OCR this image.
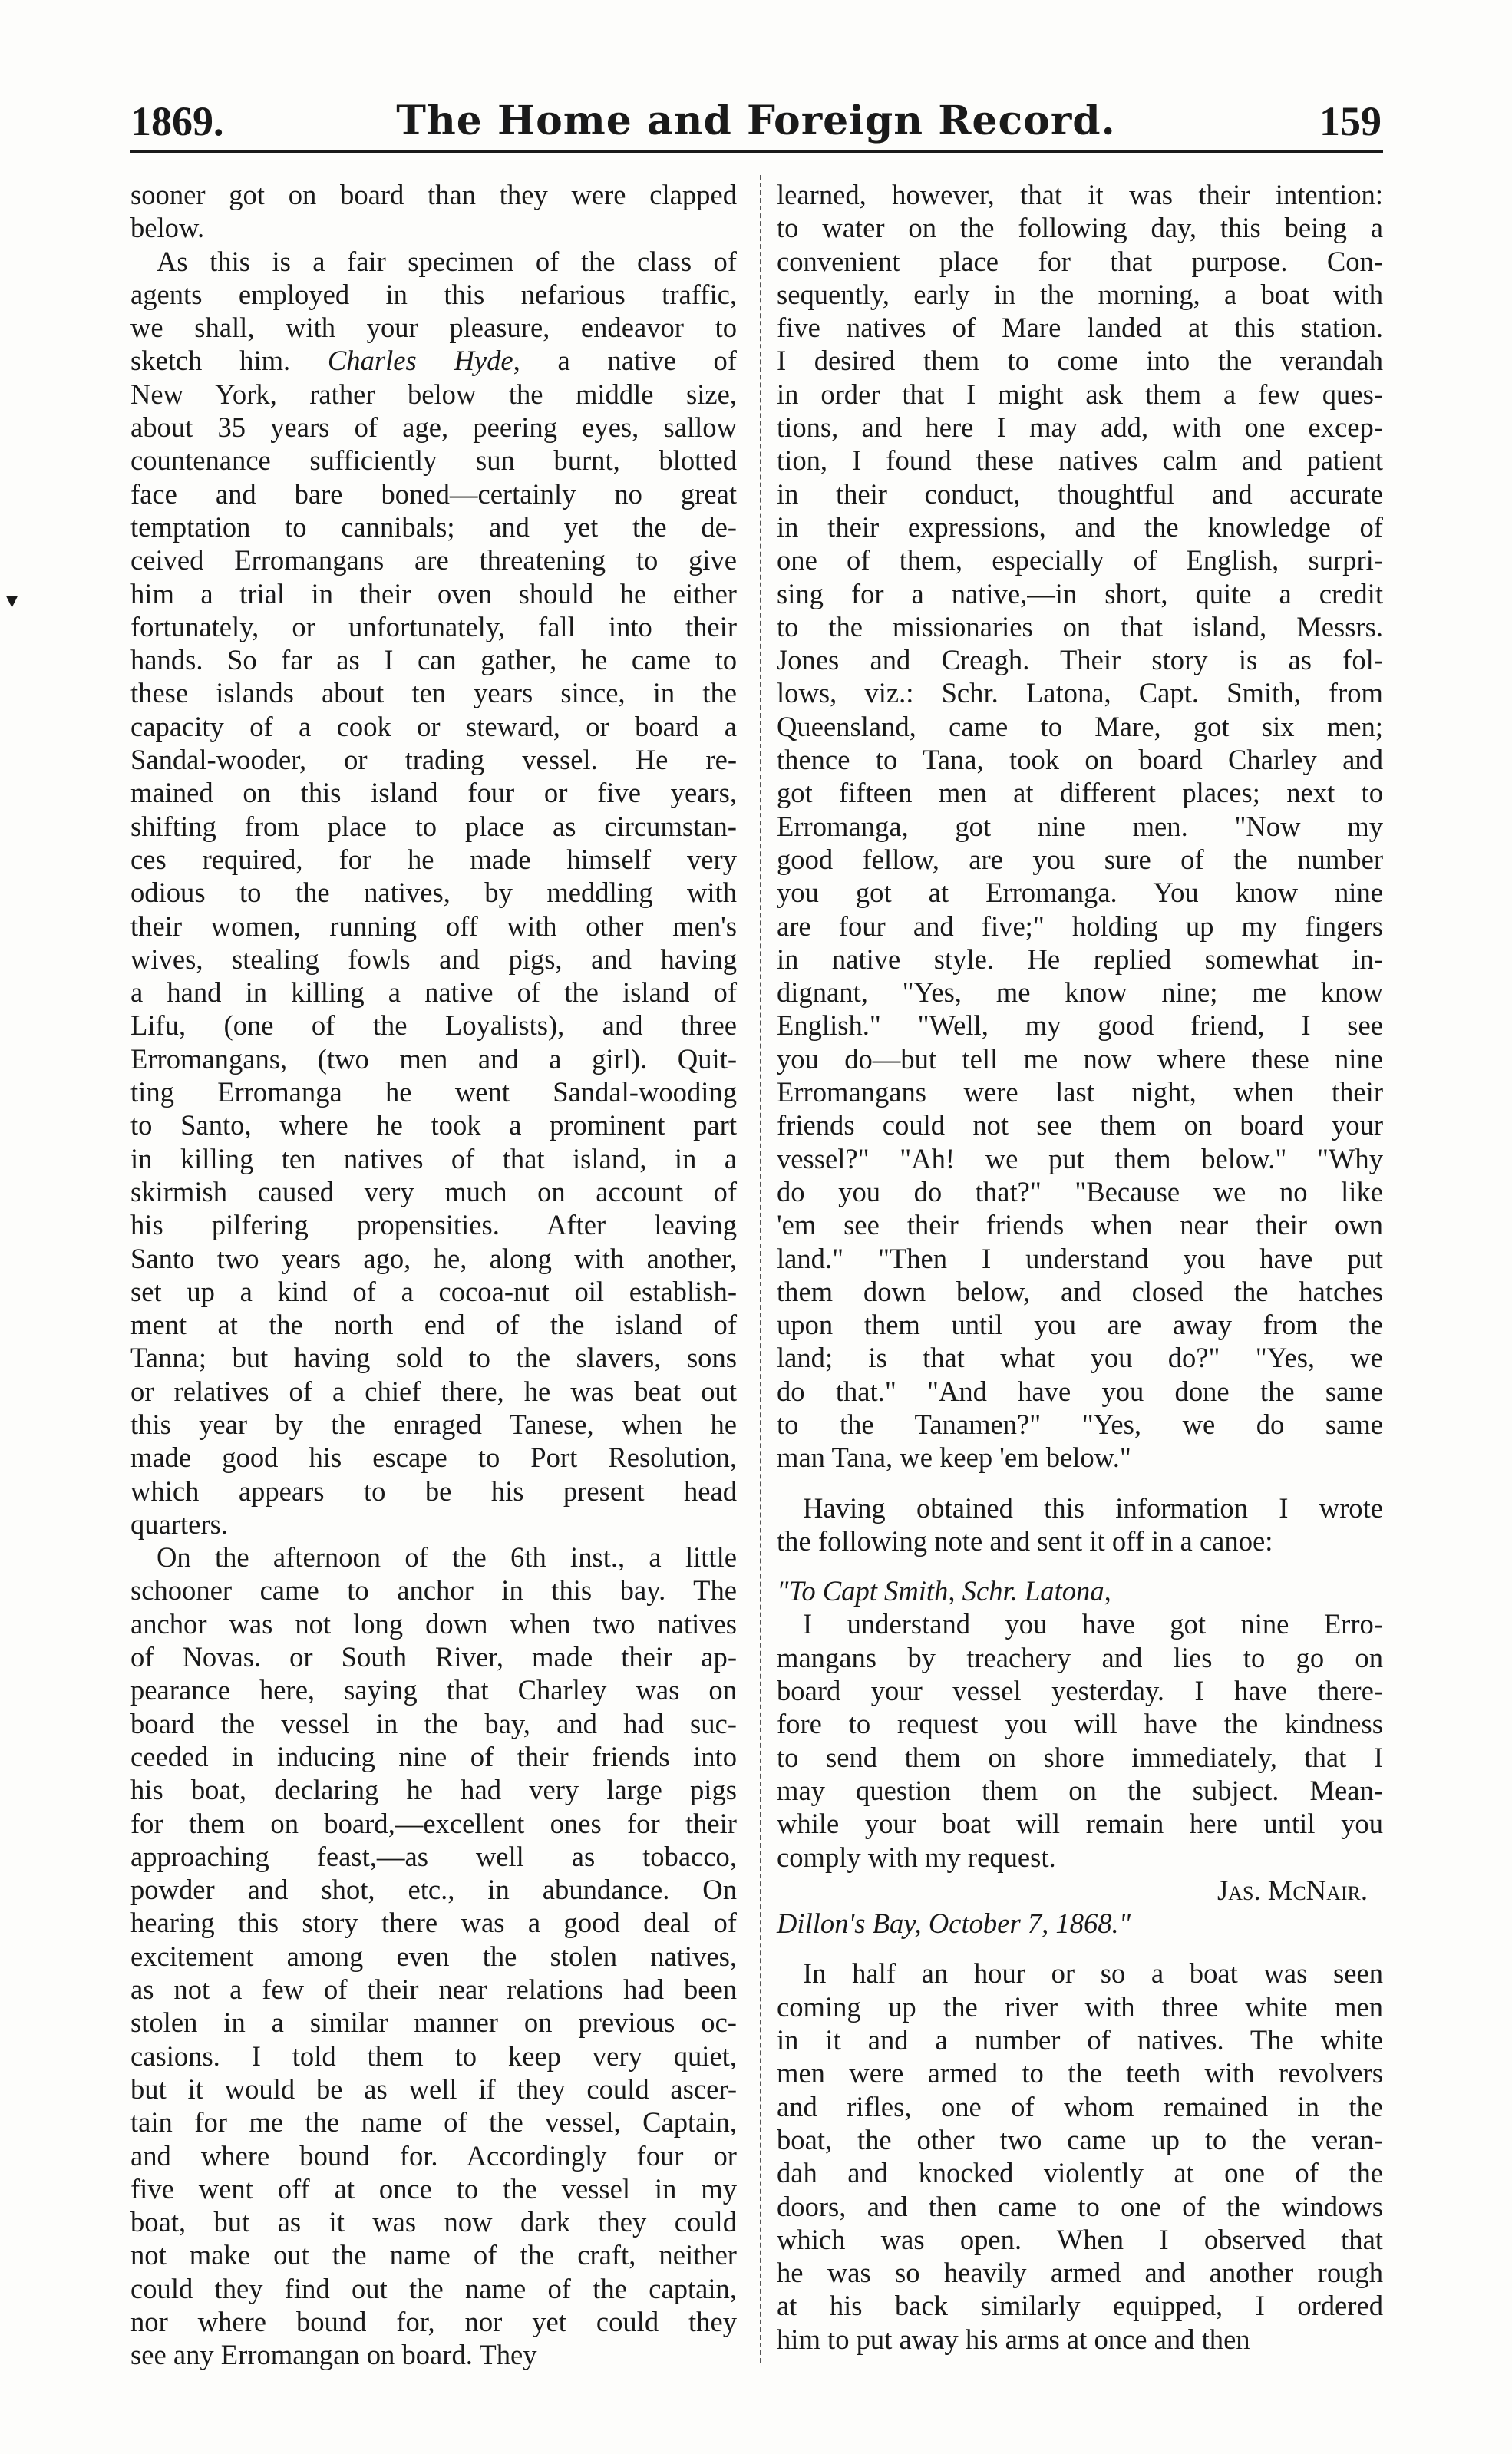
1869.	The Home and Foreign Record.	159
▾
sooner got on board than they were clapped
below.
As this is a fair specimen of the class of
agents employed in this nefarious traffic,
we shall, with your pleasure, endeavor to
sketch him. Charles Hyde, a native of
New York, rather below the middle size,
about 35 years of age, peering eyes, sallow
countenance sufficiently sun burnt, blotted
face and bare boned—certainly no great
temptation to cannibals; and yet the de-
ceived Erromangans are threatening to give
him a trial in their oven should he either
fortunately, or unfortunately, fall into their
hands. So far as I can gather, he came to
these islands about ten years since, in the
capacity of a cook or steward, or board a
Sandal-wooder, or trading vessel. He re-
mained on this island four or five years,
shifting from place to place as circumstan-
ces required, for he made himself very
odious to the natives, by meddling with
their women, running off with other men's
wives, stealing fowls and pigs, and having
a hand in killing a native of the island of
Lifu, (one of the Loyalists), and three
Erromangans, (two men and a girl). Quit-
ting Erromanga he went Sandal-wooding
to Santo, where he took a prominent part
in killing ten natives of that island, in a
skirmish caused very much on account of
his pilfering propensities. After leaving
Santo two years ago, he, along with another,
set up a kind of a cocoa-nut oil establish-
ment at the north end of the island of
Tanna; but having sold to the slavers, sons
or relatives of a chief there, he was beat out
this year by the enraged Tanese, when he
made good his escape to Port Resolution,
which appears to be his present head
quarters.
On the afternoon of the 6th inst., a little
schooner came to anchor in this bay. The
anchor was not long down when two natives
of Novas. or South River, made their ap-
pearance here, saying that Charley was on
board the vessel in the bay, and had suc-
ceeded in inducing nine of their friends into
his boat, declaring he had very large pigs
for them on board,—excellent ones for their
approaching feast,—as well as tobacco,
powder and shot, etc., in abundance. On
hearing this story there was a good deal of
excitement among even the stolen natives,
as not a few of their near relations had been
stolen in a similar manner on previous oc-
casions. I told them to keep very quiet,
but it would be as well if they could ascer-
tain for me the name of the vessel, Captain,
and where bound for. Accordingly four or
five went off at once to the vessel in my
boat, but as it was now dark they could
not make out the name of the craft, neither
could they find out the name of the captain,
nor where bound for, nor yet could they
see any Erromangan on board. They
learned, however, that it was their intention:
to water on the following day, this being a
convenient place for that purpose. Con-
sequently, early in the morning, a boat with
five natives of Mare landed at this station.
I desired them to come into the verandah
in order that I might ask them a few ques-
tions, and here I may add, with one excep-
tion, I found these natives calm and patient
in their conduct, thoughtful and accurate
in their expressions, and the knowledge of
one of them, especially of English, surpri-
sing for a native,—in short, quite a credit
to the missionaries on that island, Messrs.
Jones and Creagh. Their story is as fol-
lows, viz.: Schr. Latona, Capt. Smith, from
Queensland, came to Mare, got six men;
thence to Tana, took on board Charley and
got fifteen men at different places; next to
Erromanga, got nine men. "Now my
good fellow, are you sure of the number
you got at Erromanga. You know nine
are four and five;" holding up my fingers
in native style. He replied somewhat in-
dignant, "Yes, me know nine; me know
English." "Well, my good friend, I see
you do—but tell me now where these nine
Erromangans were last night, when their
friends could not see them on board your
vessel?" "Ah! we put them below." "Why
do you do that?" "Because we no like
'em see their friends when near their own
land." "Then I understand you have put
them down below, and closed the hatches
upon them until you are away from the
land; is that what you do?" "Yes, we
do that." "And have you done the same
to the Tanamen?" "Yes, we do same
man Tana, we keep 'em below."
Having obtained this information I wrote
the following note and sent it off in a canoe:
"To Capt Smith, Schr. Latona,
I understand you have got nine Erro-
mangans by treachery and lies to go on
board your vessel yesterday. I have there-
fore to request you will have the kindness
to send them on shore immediately, that I
may question them on the subject. Mean-
while your boat will remain here until you
comply with my request.
Jas. McNair.
Dillon's Bay, October 7, 1868."
In half an hour or so a boat was seen
coming up the river with three white men
in it and a number of natives. The white
men were armed to the teeth with revolvers
and rifles, one of whom remained in the
boat, the other two came up to the veran-
dah and knocked violently at one of the
doors, and then came to one of the windows
which was open. When I observed that
he was so heavily armed and another rough
at his back similarly equipped, I ordered
him to put away his arms at once and then
